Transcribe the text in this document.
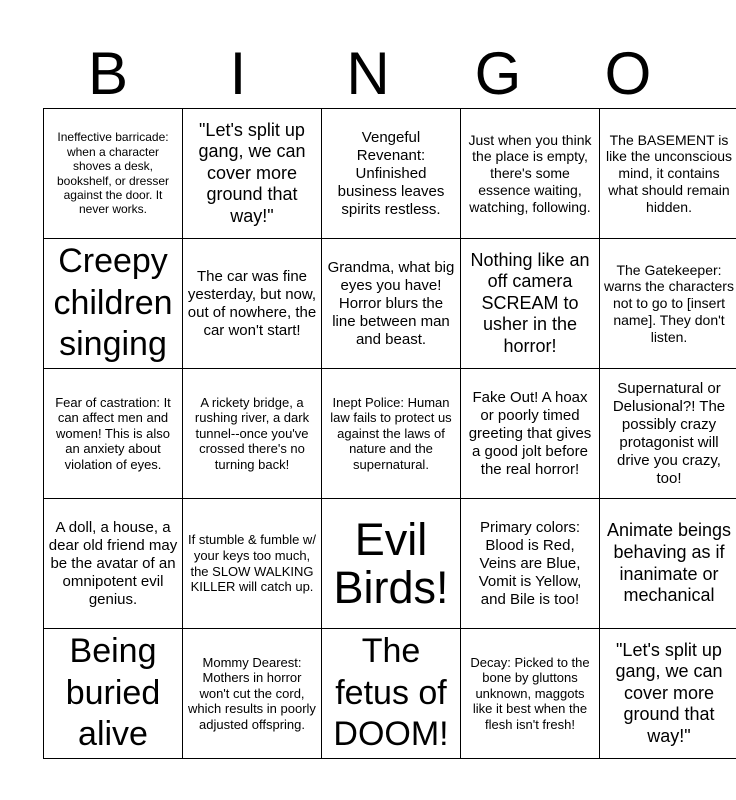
B	I	N	G	O
Ineffective barricade: when a character shoves a desk, bookshelf, or dresser against the door. It never works.	"Let's split up gang, we can cover more ground that way!"	Vengeful Revenant: Unfinished business leaves spirits restless.	Just when you think the place is empty, there's some essence waiting, watching, following.	The BASEMENT is like the unconscious mind, it contains what should remain hidden.
Creepy children singing	The car was fine yesterday, but now, out of nowhere, the car won't start!	Grandma, what big eyes you have! Horror blurs the line between man and beast.	Nothing like an off camera SCREAM to usher in the horror!	The Gatekeeper: warns the characters not to go to [insert name]. They don't listen.
Fear of castration: It can affect men and women! This is also an anxiety about violation of eyes.	A rickety bridge, a rushing river, a dark tunnel--once you've crossed there's no turning back!	Inept Police: Human law fails to protect us against the laws of nature and the supernatural.	Fake Out! A hoax or poorly timed greeting that gives a good jolt before the real horror!	Supernatural or Delusional?! The possibly crazy protagonist will drive you crazy, too!
A doll, a house, a dear old friend may be the avatar of an omnipotent evil genius.	If stumble & fumble w/ your keys too much, the SLOW WALKING KILLER will catch up.	Evil Birds!	Primary colors: Blood is Red, Veins are Blue, Vomit is Yellow, and Bile is too!	Animate beings behaving as if inanimate or mechanical
Being buried alive	Mommy Dearest: Mothers in horror won't cut the cord, which results in poorly adjusted offspring.	The fetus of DOOM!	Decay: Picked to the bone by gluttons unknown, maggots like it best when the flesh isn't fresh!	"Let's split up gang, we can cover more ground that way!"
